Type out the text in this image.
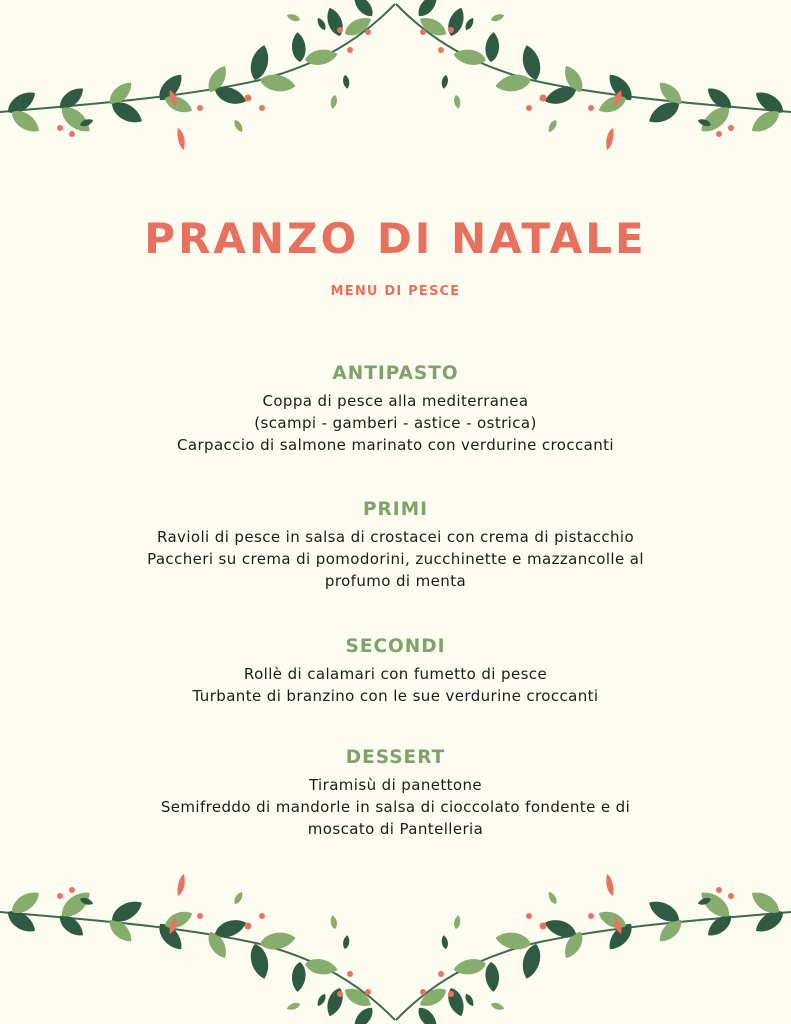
PRANZO DI NATALE
MENU DI PESCE
ANTIPASTO
Coppa di pesce alla mediterranea
(scampi - gamberi - astice - ostrica)
Carpaccio di salmone marinato con verdurine croccanti
PRIMI
Ravioli di pesce in salsa di crostacei con crema di pistacchio
Paccheri su crema di pomodorini, zucchinette e mazzancolle al
profumo di menta
SECONDI
Rollè di calamari con fumetto di pesce
Turbante di branzino con le sue verdurine croccanti
DESSERT
Tiramisù di panettone
Semifreddo di mandorle in salsa di cioccolato fondente e di
moscato di Pantelleria
